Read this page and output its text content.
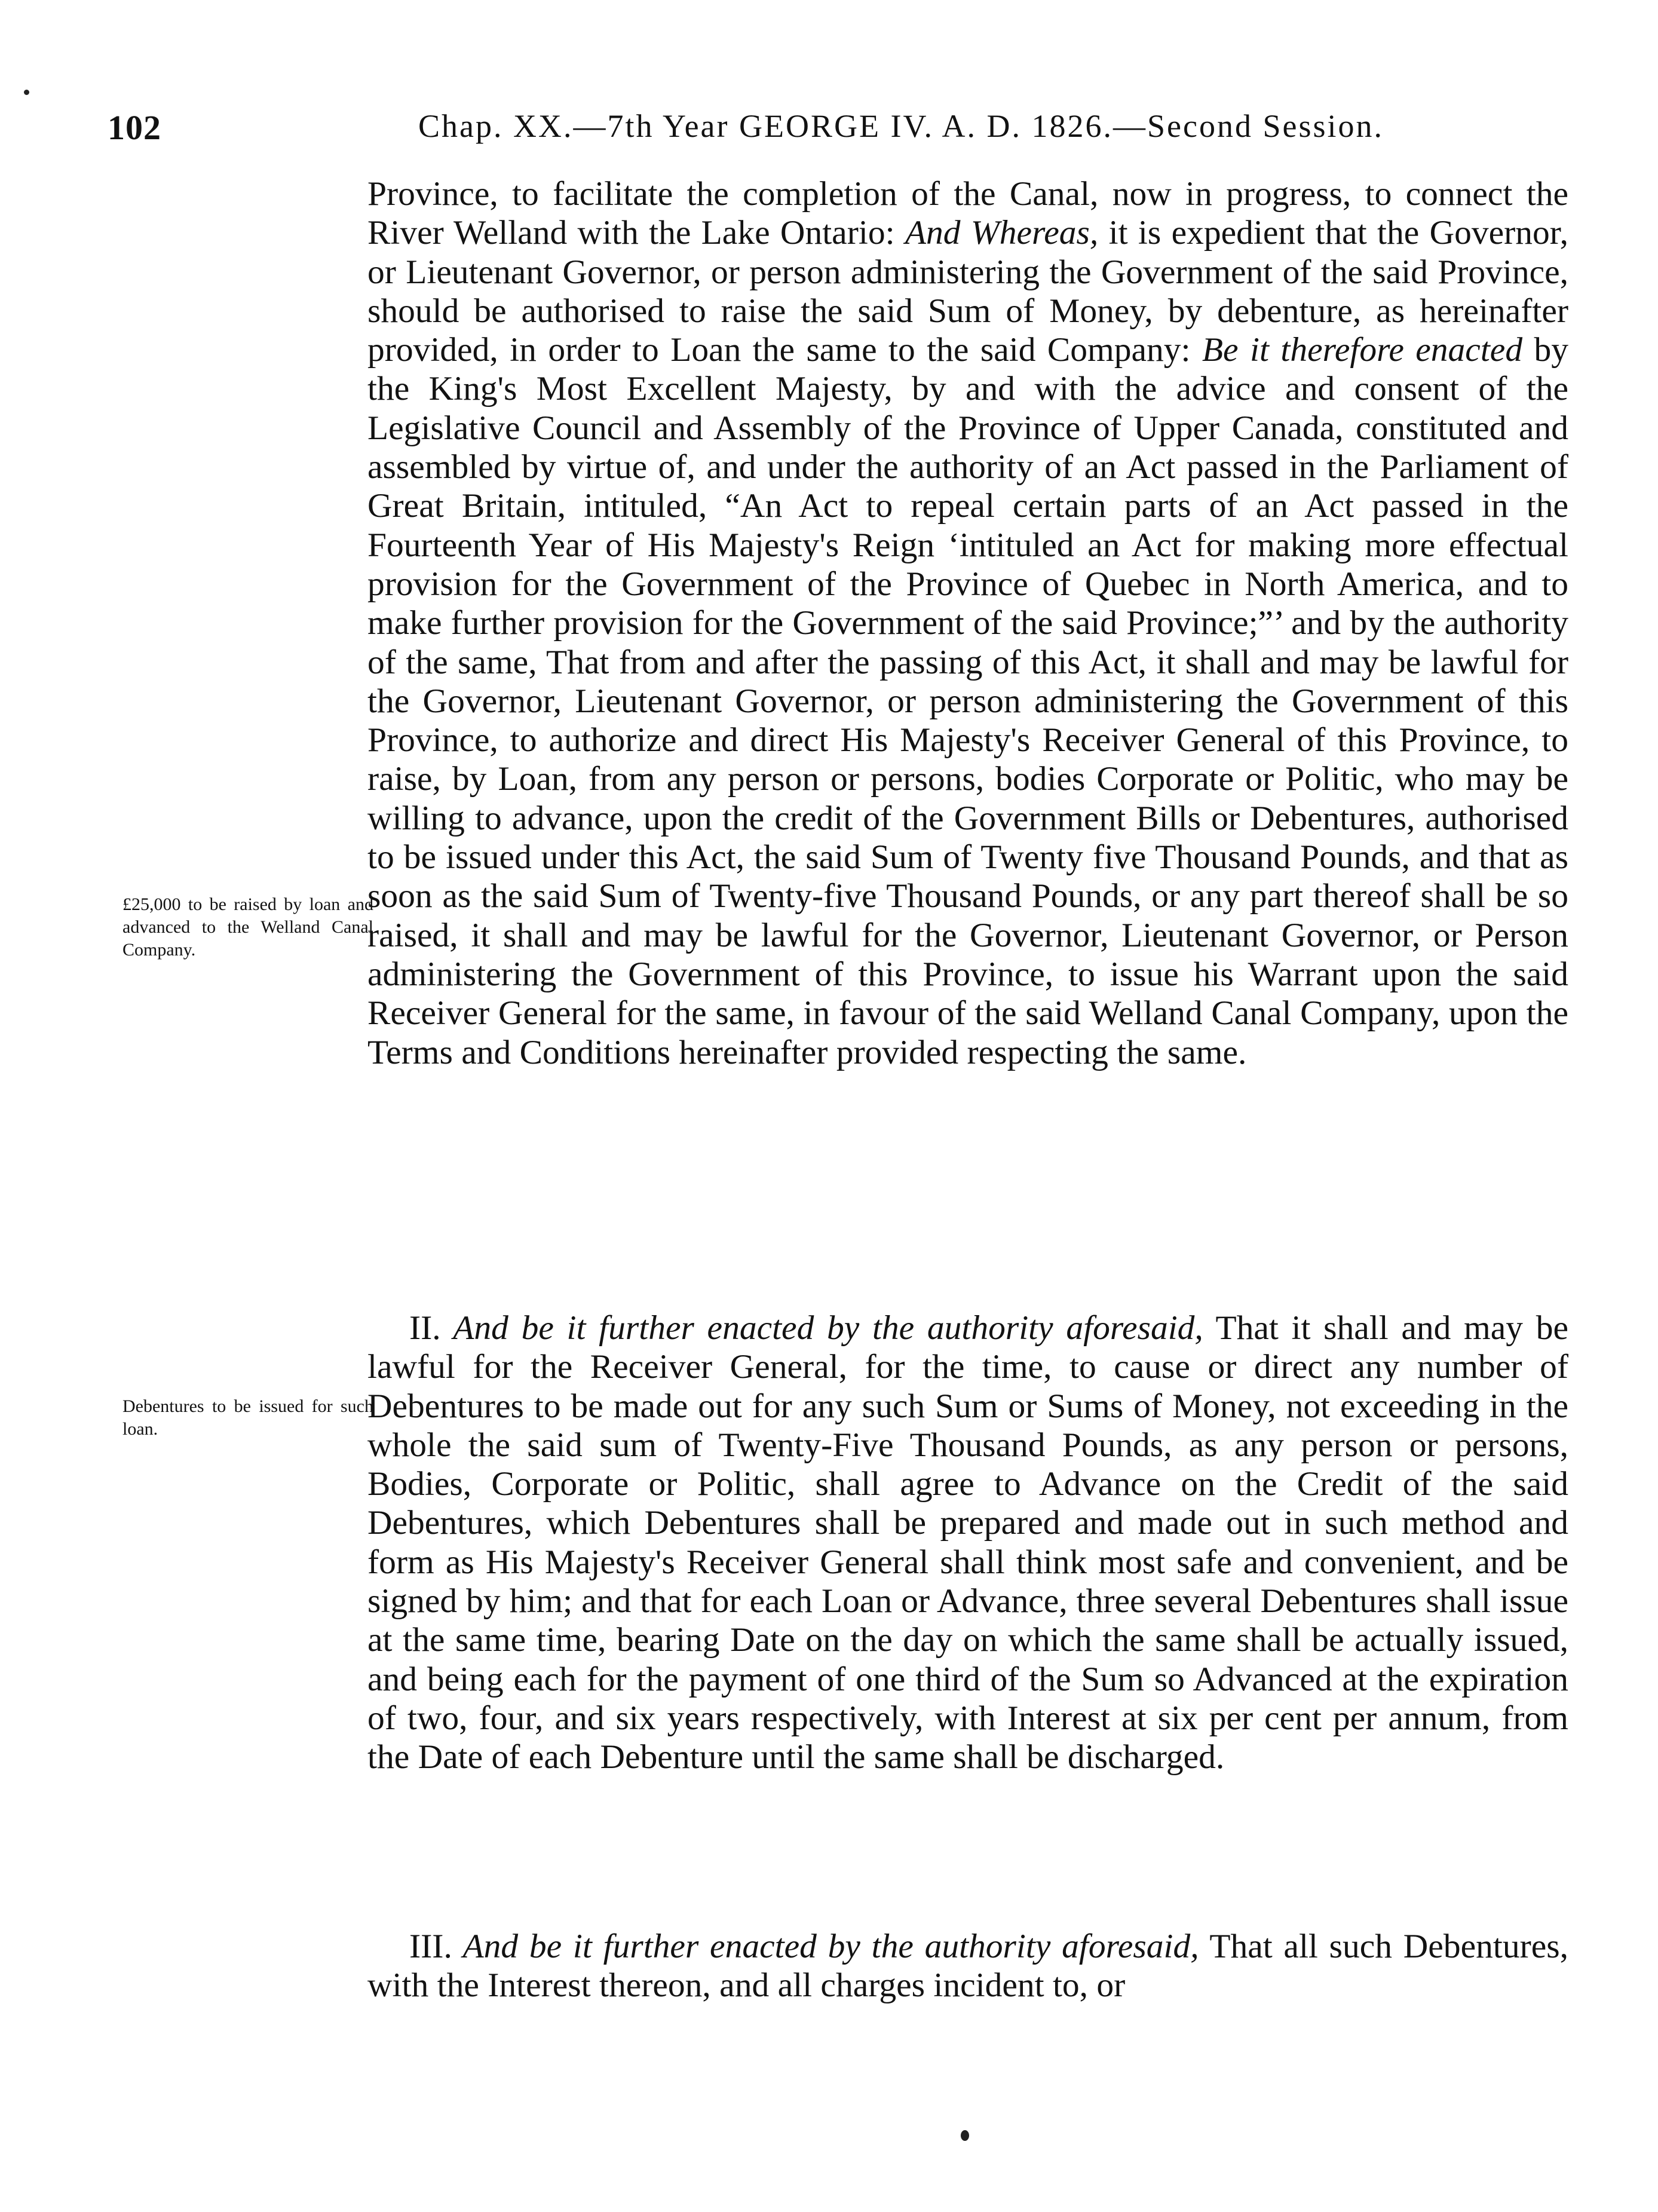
102	Chap. XX.—7th Year GEORGE IV. A. D. 1826.—Second Session.
£25,000 to be raised by loan and advanced to the Welland Canal Company.
Debentures to be issued for such loan.

Province, to facilitate the completion of the Canal, now in progress, to connect the River Welland with the Lake Ontario: And Whereas, it is expedient that the Governor, or Lieutenant Governor, or person administering the Government of the said Province, should be authorised to raise the said Sum of Money, by debenture, as hereinafter provided, in order to Loan the same to the said Company: Be it therefore enacted by the King's Most Excellent Majesty, by and with the advice and consent of the Legislative Council and Assembly of the Province of Upper Canada, constituted and assembled by virtue of, and under the authority of an Act passed in the Parliament of Great Britain, intituled, “An Act to repeal certain parts of an Act passed in the Fourteenth Year of His Majesty's Reign ‘intituled an Act for making more effectual provision for the Government of the Province of Quebec in North America, and to make further provision for the Government of the said Province;”’ and by the authority of the same, That from and after the passing of this Act, it shall and may be lawful for the Governor, Lieutenant Governor, or person administering the Government of this Province, to authorize and direct His Majesty's Receiver General of this Province, to raise, by Loan, from any person or persons, bodies Corporate or Politic, who may be willing to advance, upon the credit of the Government Bills or Debentures, authorised to be issued under this Act, the said Sum of Twenty five Thousand Pounds, and that as soon as the said Sum of Twenty-five Thousand Pounds, or any part thereof shall be so raised, it shall and may be lawful for the Governor, Lieutenant Governor, or Person administering the Government of this Province, to issue his Warrant upon the said Receiver General for the same, in favour of the said Welland Canal Company, upon the Terms and Conditions hereinafter provided respecting the same.

II. And be it further enacted by the authority aforesaid, That it shall and may be lawful for the Receiver General, for the time, to cause or direct any number of Debentures to be made out for any such Sum or Sums of Money, not exceeding in the whole the said sum of Twenty-Five Thousand Pounds, as any person or persons, Bodies, Corporate or Politic, shall agree to Advance on the Credit of the said Debentures, which Debentures shall be prepared and made out in such method and form as His Majesty's Receiver General shall think most safe and convenient, and be signed by him; and that for each Loan or Advance, three several Debentures shall issue at the same time, bearing Date on the day on which the same shall be actually issued, and being each for the payment of one third of the Sum so Advanced at the expiration of two, four, and six years respectively, with Interest at six per cent per annum, from the Date of each Debenture until the same shall be discharged.

III. And be it further enacted by the authority aforesaid, That all such Debentures, with the Interest thereon, and all charges incident to, or
